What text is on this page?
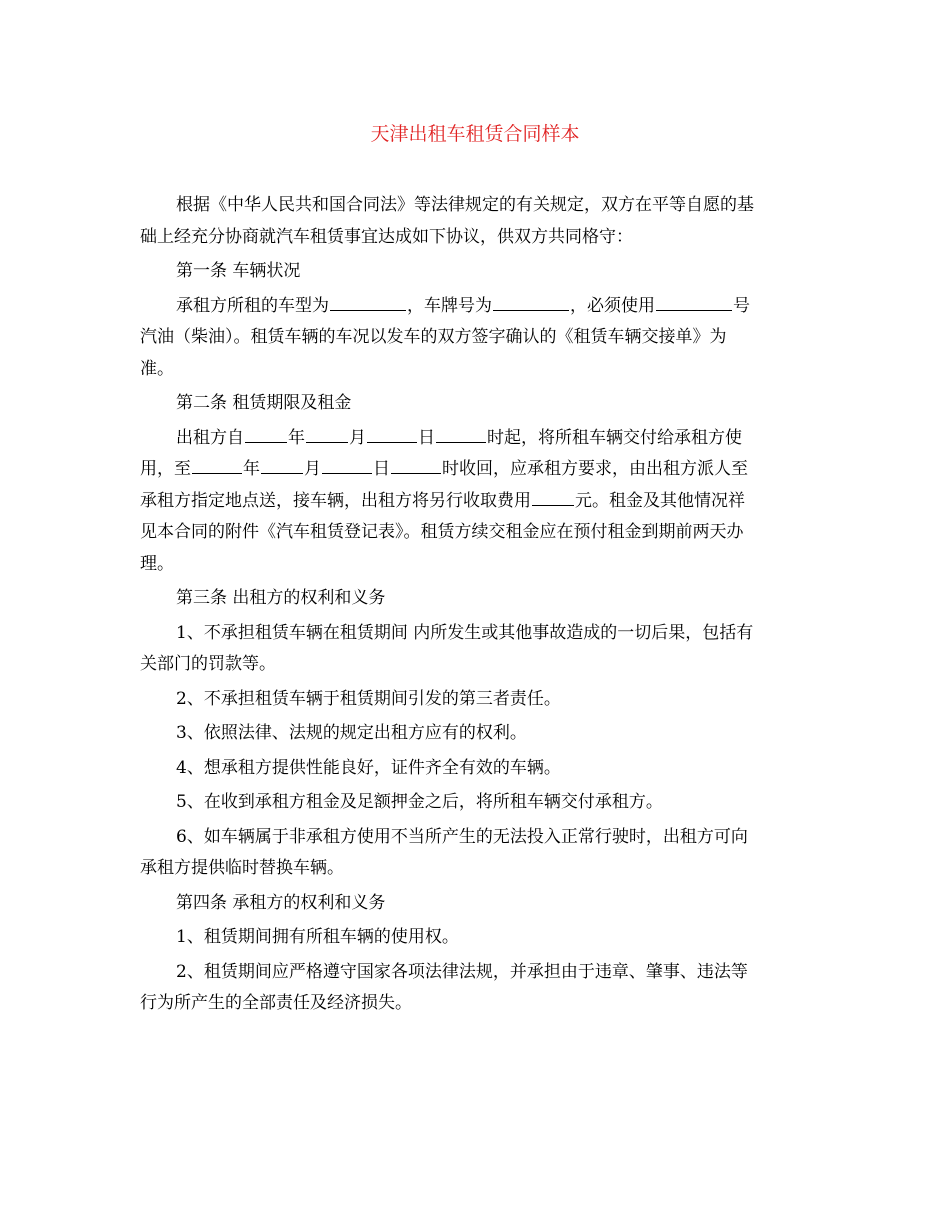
天津出租车租赁合同样本

根据《中华人民共和国合同法》等法律规定的有关规定，双方在平等自愿的基
础上经充分协商就汽车租赁事宜达成如下协议，供双方共同格守：

第一条 车辆状况

承租方所租的车型为	，车牌号为	，必须使用	号
汽油（柴油）。租赁车辆的车况以发车的双方签字确认的《租赁车辆交接单》为
准。

第二条 租赁期限及租金

出租方自	年	月	日	时起，将所租车辆交付给承租方使
用，至	年	月	日	时收回，应承租方要求，由出租方派人至
承租方指定地点送，接车辆，出租方将另行收取费用	元。租金及其他情况祥
见本合同的附件《汽车租赁登记表》。租赁方续交租金应在预付租金到期前两天办
理。

第三条 出租方的权利和义务

1、不承担租赁车辆在租赁期间 内所发生或其他事故造成的一切后果，包括有
关部门的罚款等。

2、不承担租赁车辆于租赁期间引发的第三者责任。

3、依照法律、法规的规定出租方应有的权利。

4、想承租方提供性能良好，证件齐全有效的车辆。

5、在收到承租方租金及足额押金之后，将所租车辆交付承租方。

6、如车辆属于非承租方使用不当所产生的无法投入正常行驶时，出租方可向
承租方提供临时替换车辆。

第四条 承租方的权利和义务

1、租赁期间拥有所租车辆的使用权。

2、租赁期间应严格遵守国家各项法律法规，并承担由于违章、肇事、违法等
行为所产生的全部责任及经济损失。
